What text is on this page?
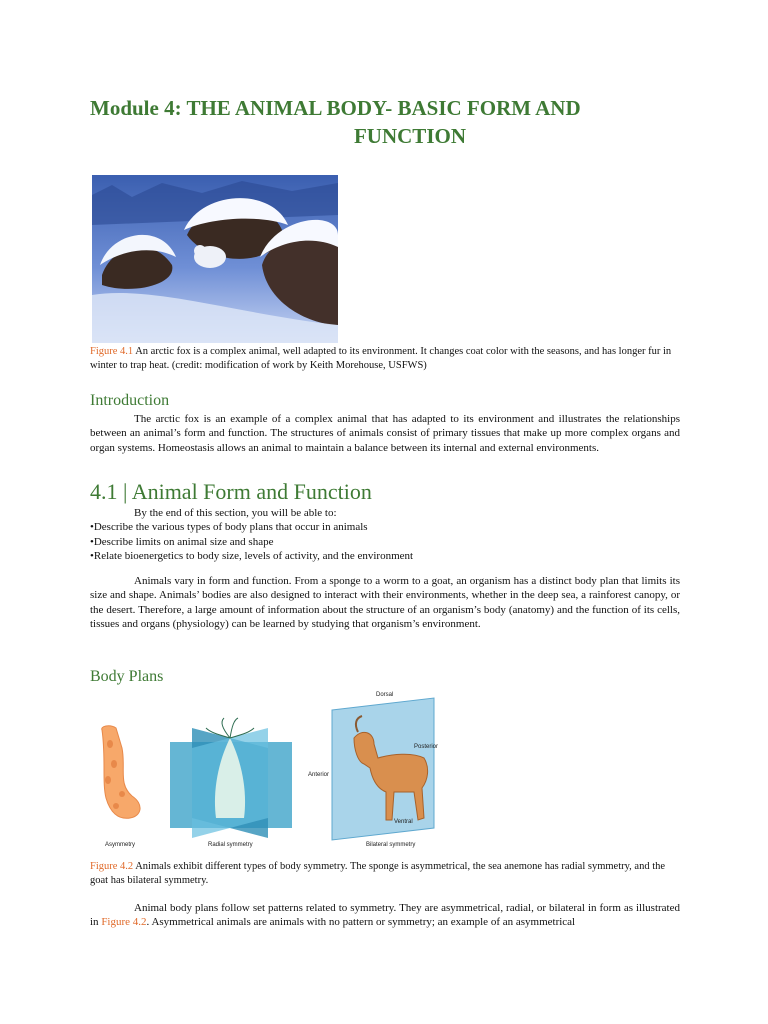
Module 4: THE ANIMAL BODY- BASIC FORM AND
FUNCTION
Figure 4.1 An arctic fox is a complex animal, well adapted to its environment. It changes coat color with the seasons, and has longer fur in winter to trap heat. (credit: modification of work by Keith Morehouse, USFWS)
Introduction

The arctic fox is an example of a complex animal that has adapted to its environment and illustrates the relationships between an animal’s form and function. The structures of animals consist of primary tissues that make up more complex organs and organ systems. Homeostasis allows an animal to maintain a balance between its internal and external environments.

4.1 | Animal Form and Function
By the end of this section, you will be able to:
• Describe the various types of body plans that occur in animals
• Describe limits on animal size and shape
• Relate bioenergetics to body size, levels of activity, and the environment

Animals vary in form and function. From a sponge to a worm to a goat, an organism has a distinct body plan that limits its size and shape. Animals’ bodies are also designed to interact with their environments, whether in the deep sea, a rainforest canopy, or the desert. Therefore, a large amount of information about the structure of an organism’s body (anatomy) and the function of its cells, tissues and organs (physiology) can be learned by studying that organism’s environment.

Body Plans
Asymmetry	Radial symmetry	Bilateral symmetry
Dorsal
Posterior
Anterior
Ventral
Figure 4.2 Animals exhibit different types of body symmetry. The sponge is asymmetrical, the sea anemone has radial symmetry, and the goat has bilateral symmetry.

Animal body plans follow set patterns related to symmetry. They are asymmetrical, radial, or bilateral in form as illustrated in Figure 4.2. Asymmetrical animals are animals with no pattern or symmetry; an example of an asymmetrical
